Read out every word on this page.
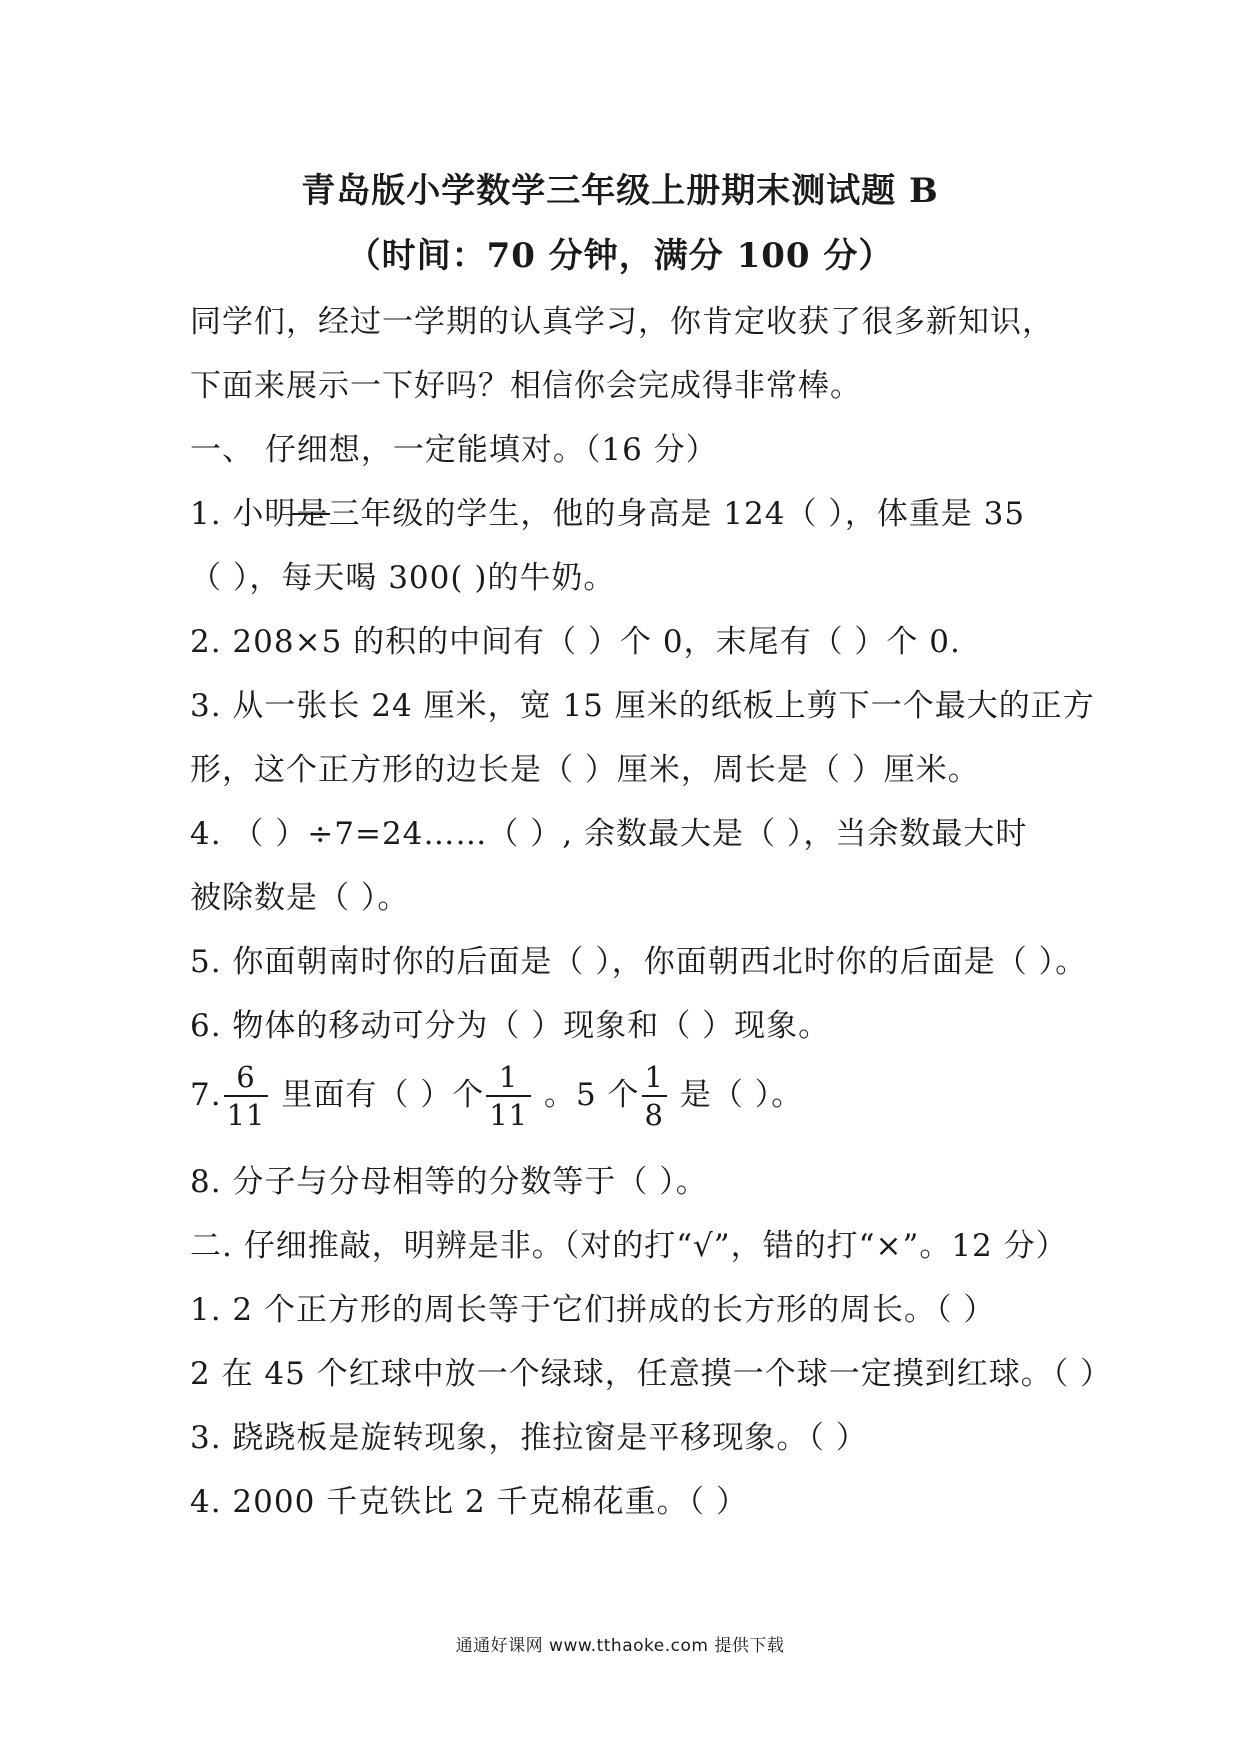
青岛版小学数学三年级上册期末测试题 B
（时间：70 分钟，满分 100 分）
同学们，经过一学期的认真学习，你肯定收获了很多新知识，
下面来展示一下好吗？相信你会完成得非常棒。
一、 仔细想，一定能填对。（16 分）
1. 小明是三年级的学生，他的身高是 124（ ），体重是 35
（ ），每天喝 300( )的牛奶。
2. 208×5 的积的中间有（ ）个 0，末尾有（ ）个 0.
3. 从一张长 24 厘米，宽 15 厘米的纸板上剪下一个最大的正方
形，这个正方形的边长是（ ）厘米，周长是（ ）厘米。
4. （ ）÷7=24……（ ）, 余数最大是（ ），当余数最大时
被除数是（ ）。
5. 你面朝南时你的后面是（ ），你面朝西北时你的后面是（ ）。
6. 物体的移动可分为（ ）现象和（ ）现象。
7. $\frac{6}{11}$ 里面有（ ）个 $\frac{1}{11}$ 。5 个 $\frac{1}{8}$ 是（ ）。
8. 分子与分母相等的分数等于（ ）。
二. 仔细推敲，明辨是非。（对的打“√”，错的打“×”。12 分）
1. 2 个正方形的周长等于它们拼成的长方形的周长。（ ）
2 在 45 个红球中放一个绿球，任意摸一个球一定摸到红球。（ ）
3. 跷跷板是旋转现象，推拉窗是平移现象。（ ）
4. 2000 千克铁比 2 千克棉花重。（ ）
通通好课网 www.tthaoke.com 提供下载
